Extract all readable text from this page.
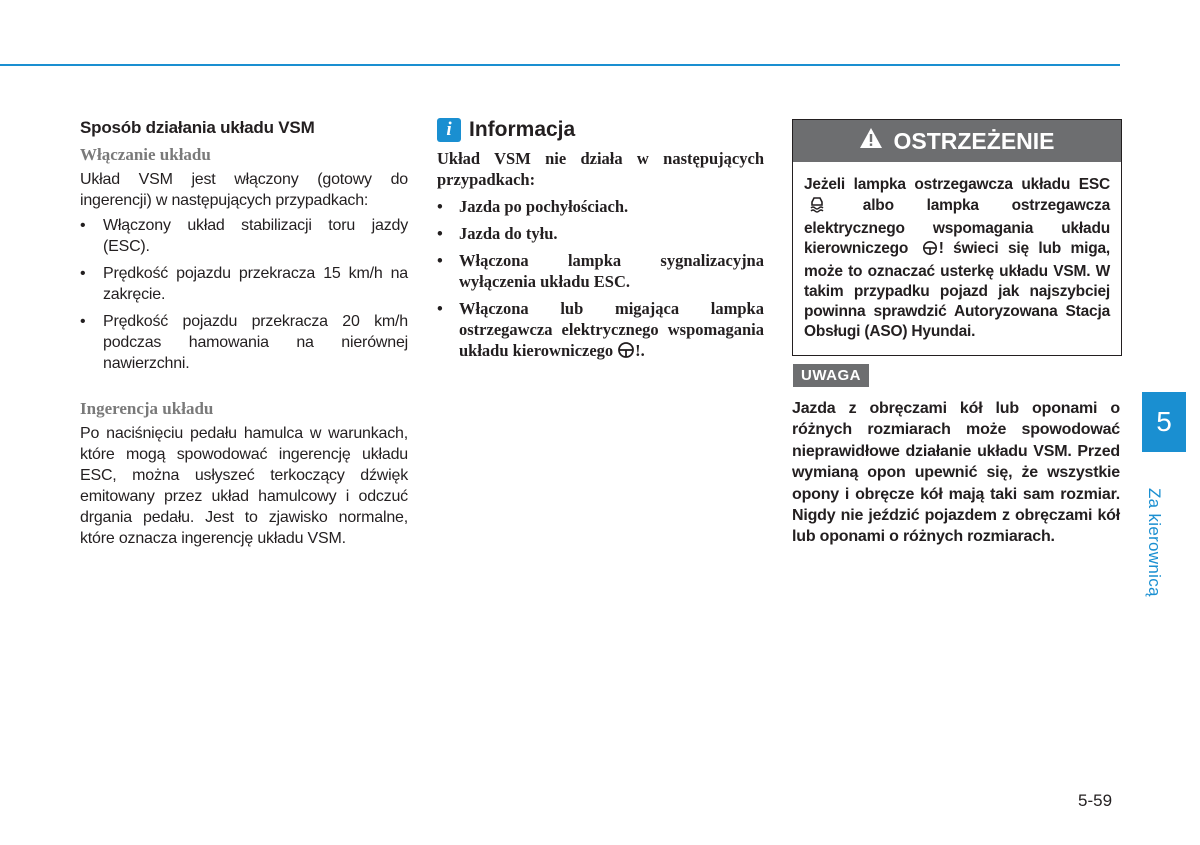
Sposób działania układu VSM
Włączanie układu

Układ VSM jest włączony (gotowy do ingerencji) w następujących przypadkach:

• Włączony układ stabilizacji toru jazdy (ESC).
• Prędkość pojazdu przekracza 15 km/h na zakręcie.
• Prędkość pojazdu przekracza 20 km/h podczas hamowania na nierównej nawierzchni.
Ingerencja układu

Po naciśnięciu pedału hamulca w warunkach, które mogą spowodować ingerencję układu ESC, można usłyszeć terkoczący dźwięk emitowany przez układ hamulcowy i odczuć drgania pedału. Jest to zjawisko normalne, które oznacza ingerencję układu VSM.

i Informacja

Układ VSM nie działa w następujących przypadkach:

• Jazda po pochyłościach.
• Jazda do tyłu.
• Włączona lampka sygnalizacyjna wyłączenia układu ESC.
• Włączona lub migająca lampka ostrzegawcza elektrycznego wspomagania układu kierowniczego !.
OSTRZEŻENIE
Jeżeli lampka ostrzegawcza układu ESC  albo lampka ostrzegawcza elektrycznego wspomagania układu kierowniczego ! świeci się lub miga, może to oznaczać usterkę układu VSM. W takim przypadku pojazd jak najszybciej powinna sprawdzić Autoryzowana Stacja Obsługi (ASO) Hyundai.
UWAGA
Jazda z obręczami kół lub oponami o różnych rozmiarach może spowodować nieprawidłowe działanie układu VSM. Przed wymianą opon upewnić się, że wszystkie opony i obręcze kół mają taki sam rozmiar. Nigdy nie jeździć pojazdem z obręczami kół lub oponami o różnych rozmiarach.
5
Za kierownicą
5-59
